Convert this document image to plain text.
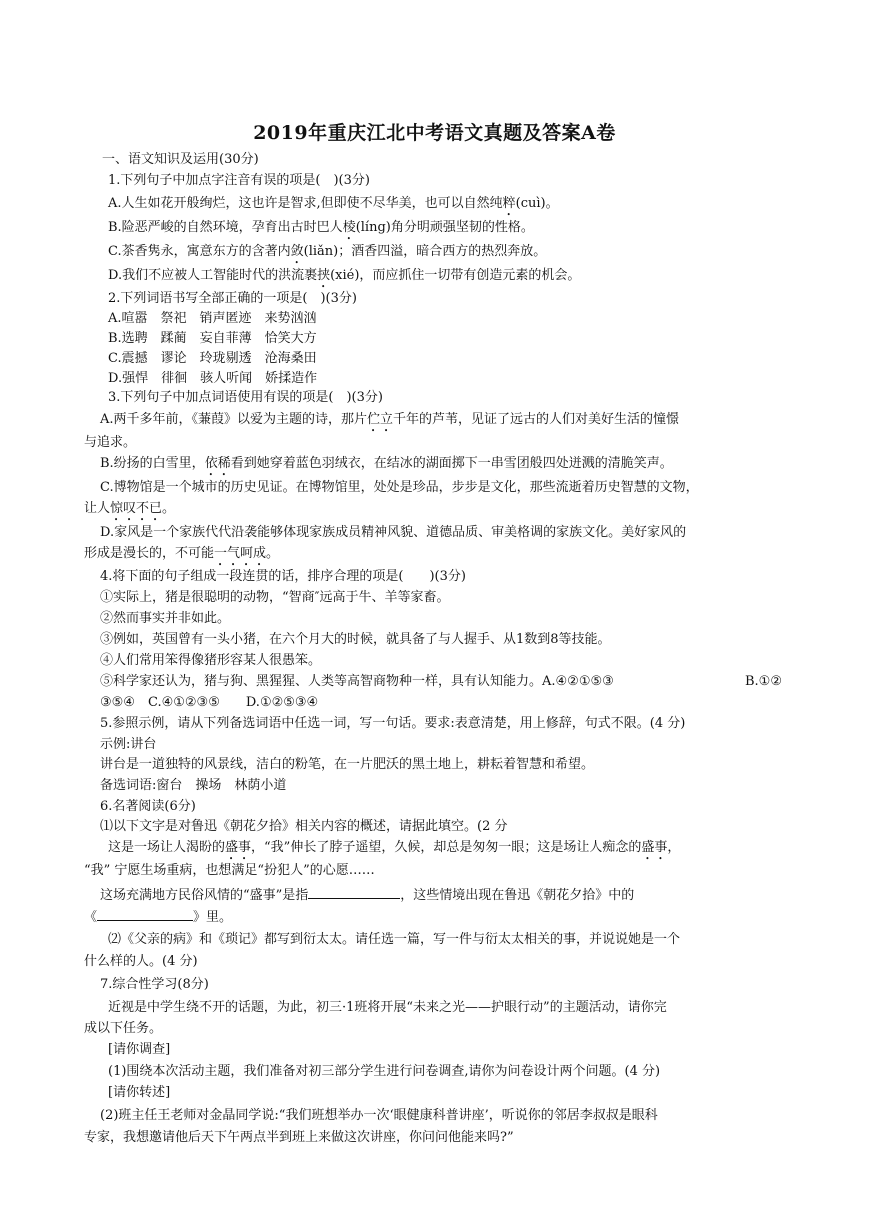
2019年重庆江北中考语文真题及答案A卷
一、语文知识及运用(30分)
1.下列句子中加点字注音有误的项是(　)(3分)
A.人生如花开般绚烂，这也许是智求,但即使不尽华美，也可以自然纯粹(cuì)。
B.险恶严峻的自然环境，孕育出古时巴人棱(líng)角分明顽强坚韧的性格。
C.茶香隽永，寓意东方的含著内敛(liǎn)；酒香四溢，暗合西方的热烈奔放。
D.我们不应被人工智能时代的洪流裹挟(xié)，而应抓住一切带有创造元素的机会。
2.下列词语书写全部正确的一项是(　)(3分)
A.喧嚣　祭祀　销声匿迹　来势汹汹
B.选聘　蹂蔺　妄自菲薄　恰笑大方
C.震撼　谬论　玲珑剔透　沧海桑田
D.强悍　徘徊　骇人听闻　娇揉造作
3.下列句子中加点词语使用有误的项是(　)(3分)
A.两千多年前，《蒹葭》以爱为主题的诗，那片伫立千年的芦苇，见证了远古的人们对美好生活的憧憬
与追求。
B.纷扬的白雪里，依稀看到她穿着蓝色羽绒衣，在结冰的湖面掷下一串雪团般四处迸溅的清脆笑声。
C.博物馆是一个城市的历史见证。在博物馆里，处处是珍品，步步是文化，那些流逝着历史智慧的文物，
让人惊叹不已。
D.家风是一个家族代代沿袭能够体现家族成员精神风貌、道德品质、审美格调的家族文化。美好家风的
形成是漫长的，不可能一气呵成。
4.将下面的句子组成一段连贯的话，排序合理的项是(　　)(3分)
①实际上，猪是很聪明的动物，“智商″远高于牛、羊等家畜。
②然而事实并非如此。
③例如，英国曾有一头小猪，在六个月大的时候，就具备了与人握手、从1数到8等技能。
④人们常用笨得像猪形容某人很愚笨。
⑤科学家还认为，猪与狗、黑猩猩、人类等高智商物种一样，具有认知能力。A.④②①⑤③	B.①②
③⑤④　C.④①②③⑤　　D.①②⑤③④
5.参照示例，请从下列备选词语中任选一词，写一句话。要求:表意清楚，用上修辞，句式不限。(4 分)
示例:讲台
讲台是一道独特的风景线，洁白的粉笔，在一片肥沃的黑土地上，耕耘着智慧和希望。
备选词语:窗台　操场　林荫小道
6.名著阅读(6分)
⑴以下文字是对鲁迅《朝花夕拾》相关内容的概述，请据此填空。(2 分
这是一场让人渴盼的盛事，“我”伸长了脖子遥望，久候，却总是匆匆一眼；这是场让人痴念的盛事，
“我” 宁愿生场重病，也想满足“扮犯人”的心愿……
这场充满地方民俗风情的“盛事”是指	，这些情境出现在鲁迅《朝花夕拾》中的
《	》里。
⑵《父亲的病》和《琐记》都写到衍太太。请任选一篇，写一件与衍太太相关的事，并说说她是一个
什么样的人。(4 分)
7.综合性学习(8分)
近视是中学生绕不开的话题，为此，初三·1班将开展“未来之光——护眼行动”的主题活动，请你完
成以下任务。
[请你调查]
(1)围绕本次活动主题，我们准备对初三部分学生进行问卷调查,请你为问卷设计两个问题。(4 分)
[请你转述]
(2)班主任王老师对金晶同学说:“我们班想举办一次‘眼健康科普讲座’，听说你的邻居李叔叔是眼科
专家，我想邀请他后天下午两点半到班上来做这次讲座，你问问他能来吗?”
